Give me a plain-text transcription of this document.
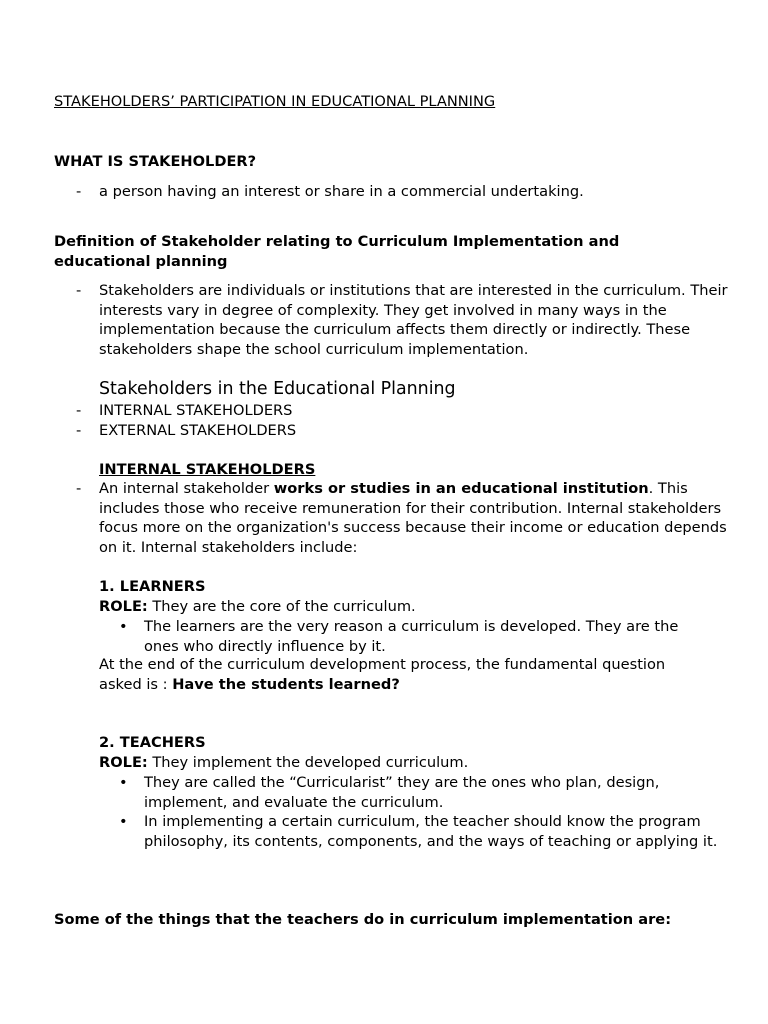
STAKEHOLDERS’ PARTICIPATION IN EDUCATIONAL PLANNING
WHAT IS STAKEHOLDER?
-	a person having an interest or share in a commercial undertaking.
Definition of Stakeholder relating to Curriculum Implementation and educational planning
-	Stakeholders are individuals or institutions that are interested in the curriculum. Their interests vary in degree of complexity. They get involved in many ways in the implementation because the curriculum affects them directly or indirectly. These stakeholders shape the school curriculum implementation.
Stakeholders in the Educational Planning
-	INTERNAL STAKEHOLDERS
-	EXTERNAL STAKEHOLDERS
INTERNAL STAKEHOLDERS
-	An internal stakeholder works or studies in an educational institution. This includes those who receive remuneration for their contribution. Internal stakeholders focus more on the organization's success because their income or education depends on it. Internal stakeholders include:
1. LEARNERS
ROLE: They are the core of the curriculum.
•	The learners are the very reason a curriculum is developed. They are the ones who directly influence by it.
At the end of the curriculum development process, the fundamental question asked is : Have the students learned?
2. TEACHERS
ROLE: They implement the developed curriculum.
•	They are called the “Curricularist” they are the ones who plan, design, implement, and evaluate the curriculum.
•	In implementing a certain curriculum, the teacher should know the program philosophy, its contents, components, and the ways of teaching or applying it.
Some of the things that the teachers do in curriculum implementation are:
